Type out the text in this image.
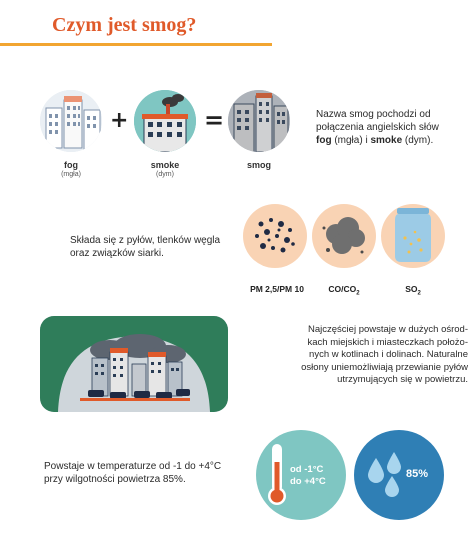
Czym jest smog?
+	=
fog
(mgła)
smoke
(dym)
smog
Nazwa smog pochodzi od
połączenia angielskich słów
fog (mgła) i smoke (dym).
Składa się z pyłów, tlenków węgla
oraz związków siarki.
PM 2,5/PM 10	$CO/CO_2$	$SO_2$
Najczęściej powstaje w dużych ośrod-
kach miejskich i miasteczkach położo-
nych w kotlinach i dolinach. Naturalne
osłony uniemożliwiają przewianie pyłów
utrzymujących się w powietrzu.
Powstaje w temperaturze od -1 do +4°C
przy wilgotności powietrza 85%.
od -1°C
do +4°C
85%
